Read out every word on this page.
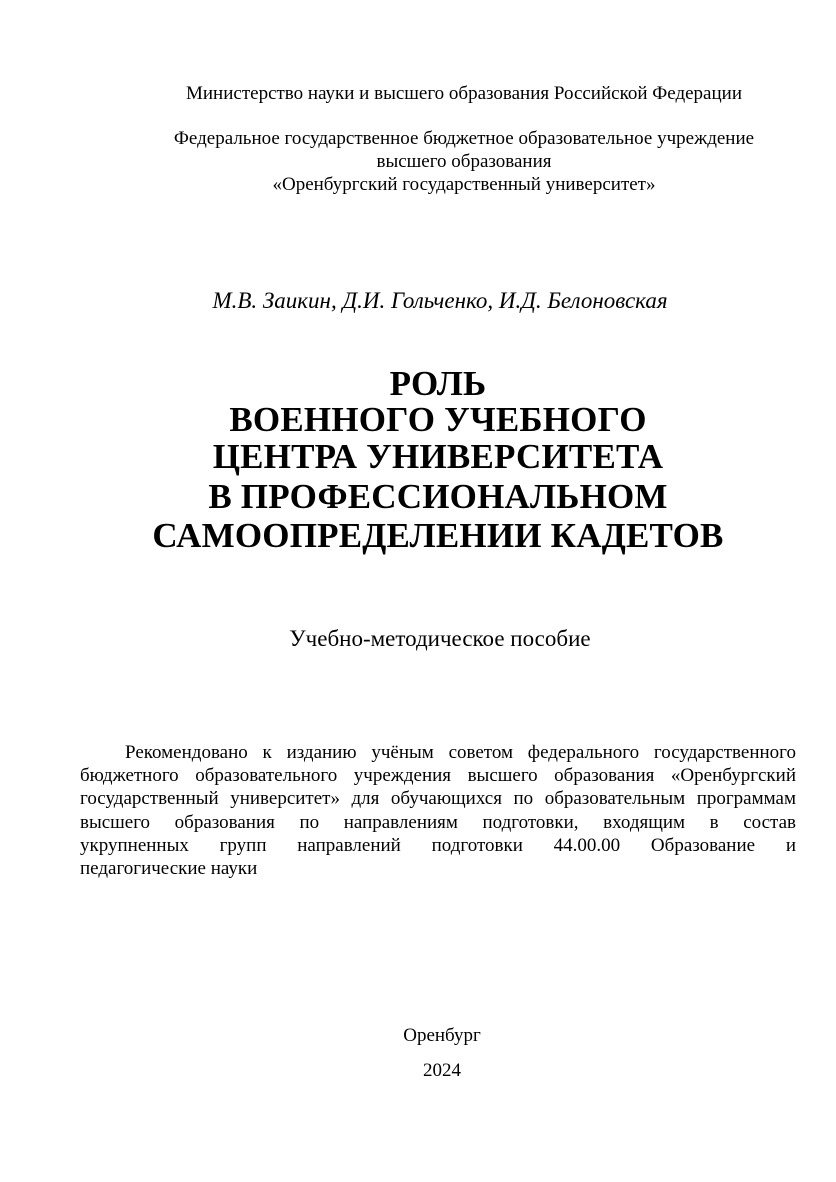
Министерство науки и высшего образования Российской Федерации
Федеральное государственное бюджетное образовательное учреждение
высшего образования
«Оренбургский государственный университет»
М.В. Заикин, Д.И. Гольченко, И.Д. Белоновская
РОЛЬ
ВОЕННОГО УЧЕБНОГО
ЦЕНТРА УНИВЕРСИТЕТА
В ПРОФЕССИОНАЛЬНОМ
САМООПРЕДЕЛЕНИИ КАДЕТОВ
Учебно-методическое пособие
Рекомендовано к изданию учёным советом федерального государственного
бюджетного образовательного учреждения высшего образования «Оренбургский
государственный университет» для обучающихся по образовательным программам
высшего образования по направлениям подготовки, входящим в состав
укрупненных групп направлений подготовки 44.00.00 Образование и
педагогические науки
Оренбург
2024
